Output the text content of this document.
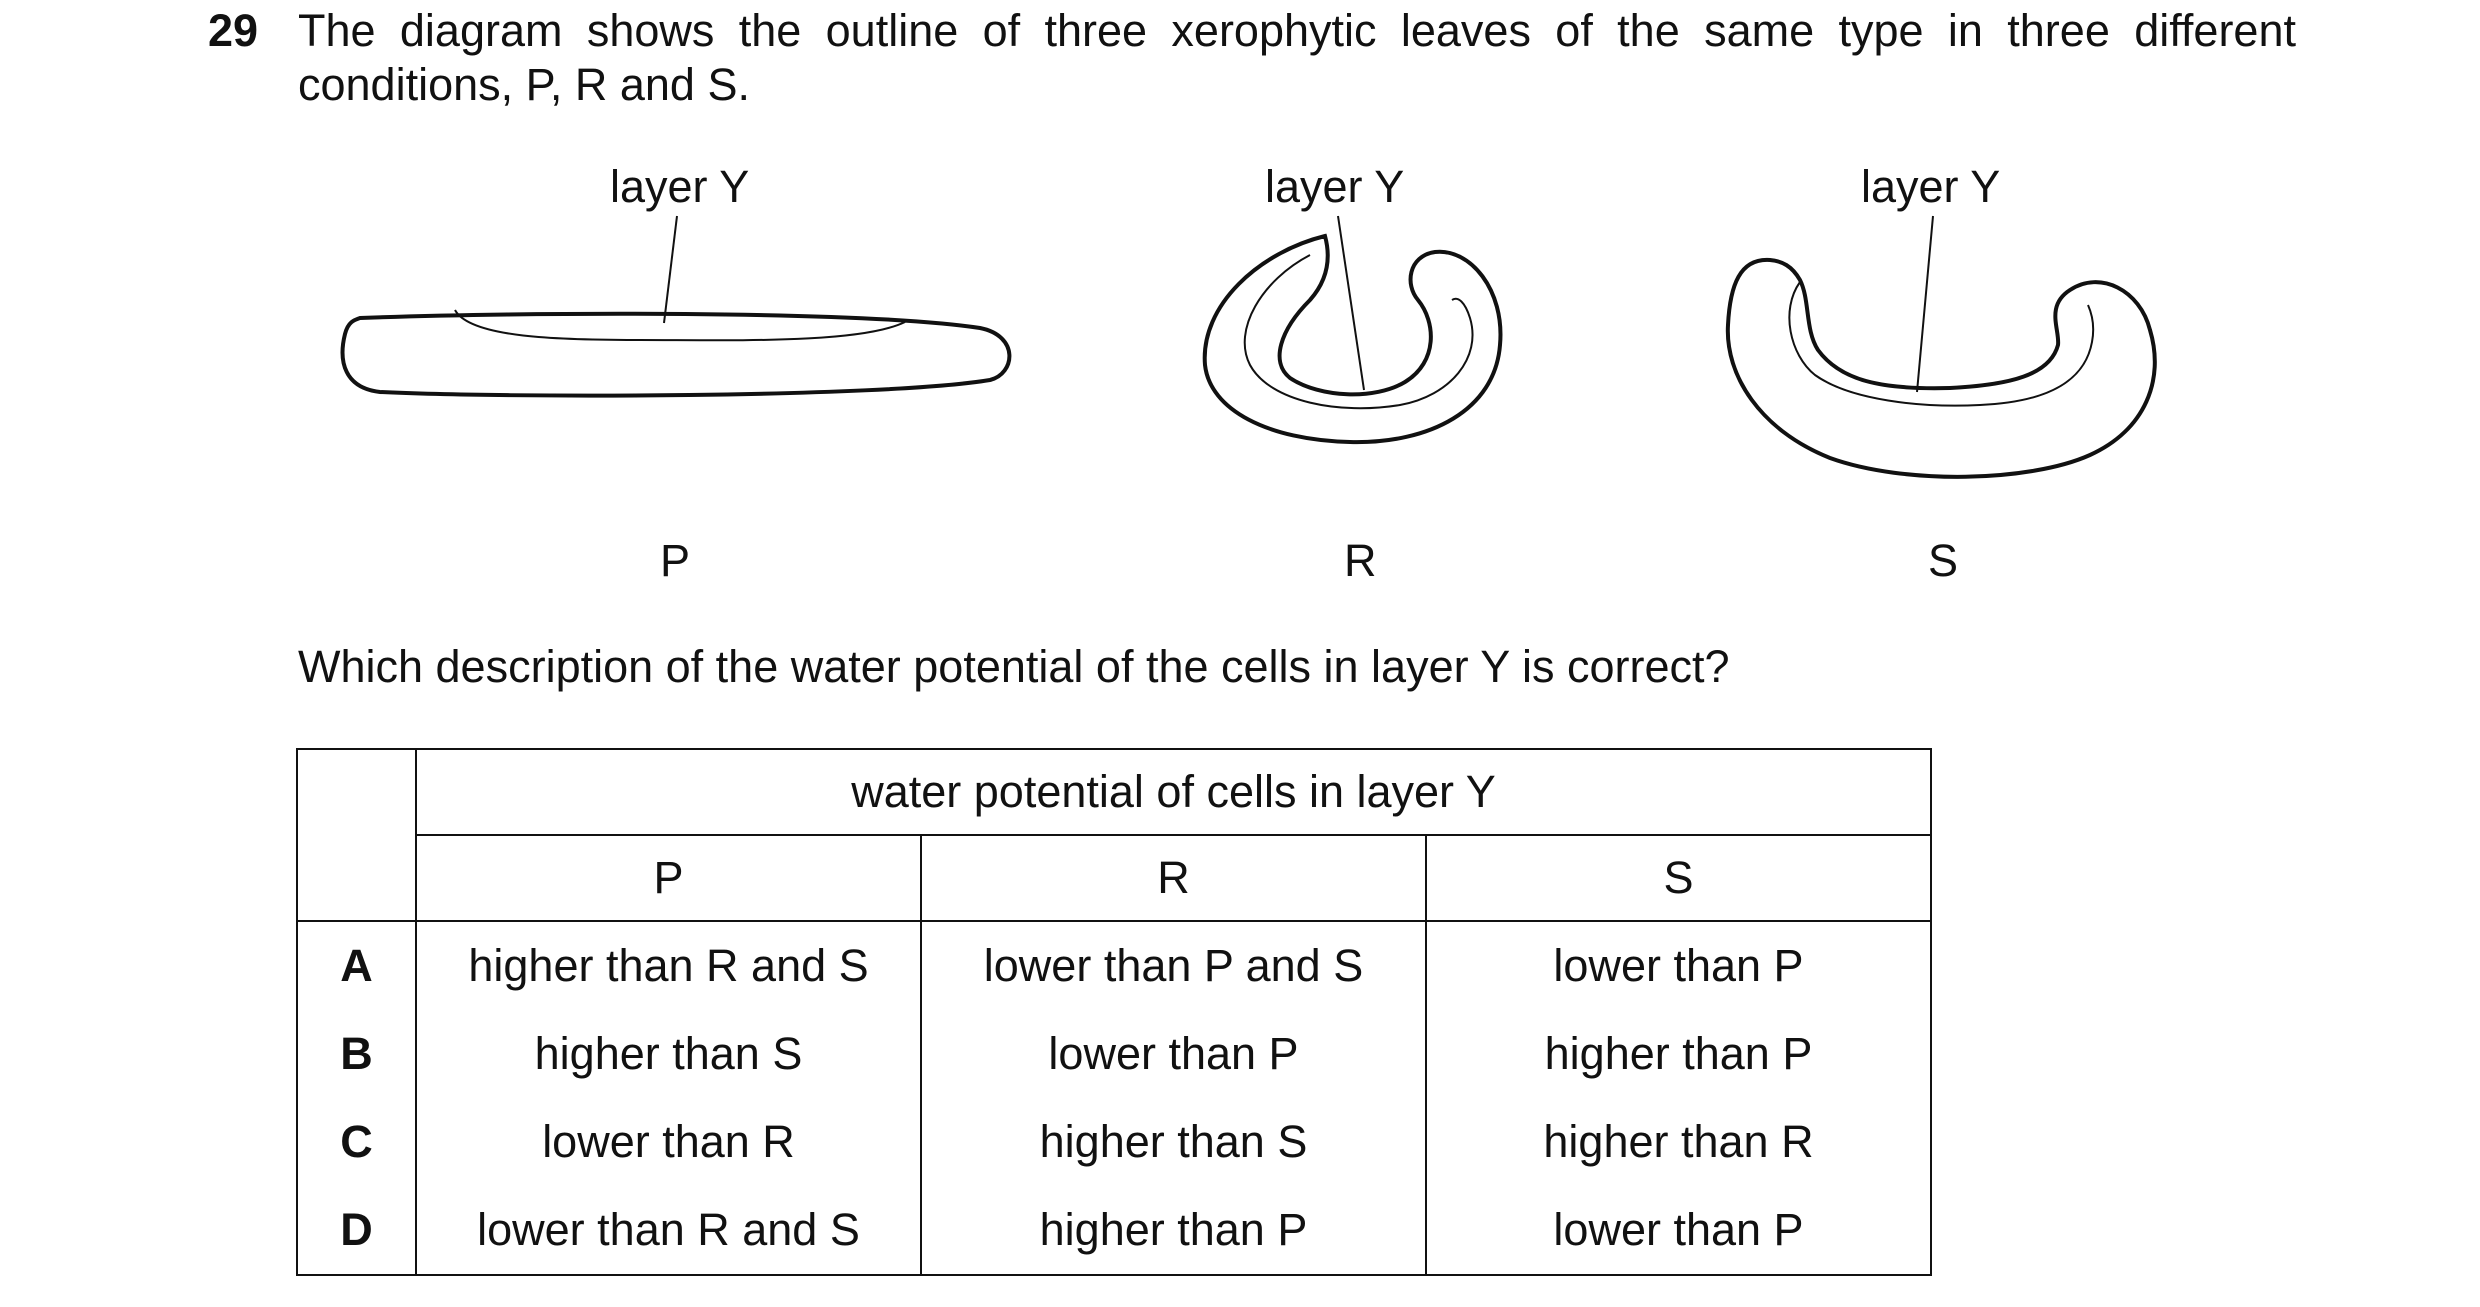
29 The diagram shows the outline of three xerophytic leaves of the same type in three different
conditions, P, R and S.
layer Y
P
layer Y
R
layer Y
S
Which description of the water potential of the cells in layer Y is correct?
	water potential of cells in layer Y		
	P	R	S
A	higher than R and S	lower than P and S	lower than P
B	higher than S	lower than P	higher than P
C	lower than R	higher than S	higher than R
D	lower than R and S	higher than P	lower than P
